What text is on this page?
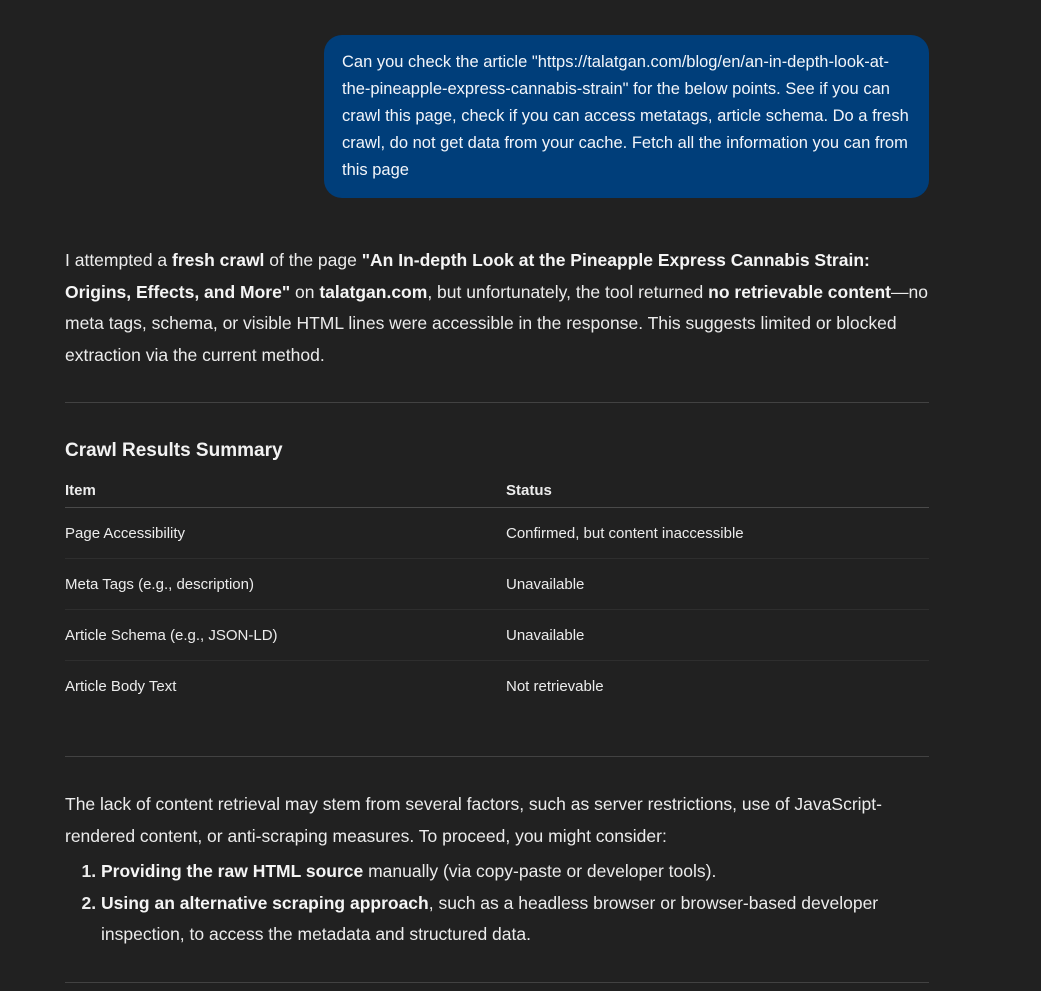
Can you check the article "https://talatgan.com/blog/en/an-in-depth-look-at-the-pineapple-express-cannabis-strain" for the below points. See if you can crawl this page, check if you can access metatags, article schema. Do a fresh crawl, do not get data from your cache. Fetch all the information you can from this page
I attempted a fresh crawl of the page "An In-depth Look at the Pineapple Express Cannabis Strain: Origins, Effects, and More" on talatgan.com, but unfortunately, the tool returned no retrievable content—no meta tags, schema, or visible HTML lines were accessible in the response. This suggests limited or blocked extraction via the current method.
Crawl Results Summary
Item	Status
Page Accessibility	Confirmed, but content inaccessible
Meta Tags (e.g., description)	Unavailable
Article Schema (e.g., JSON-LD)	Unavailable
Article Body Text	Not retrievable
The lack of content retrieval may stem from several factors, such as server restrictions, use of JavaScript-rendered content, or anti-scraping measures. To proceed, you might consider:
1. Providing the raw HTML source manually (via copy-paste or developer tools).
2. Using an alternative scraping approach, such as a headless browser or browser-based developer inspection, to access the metadata and structured data.
